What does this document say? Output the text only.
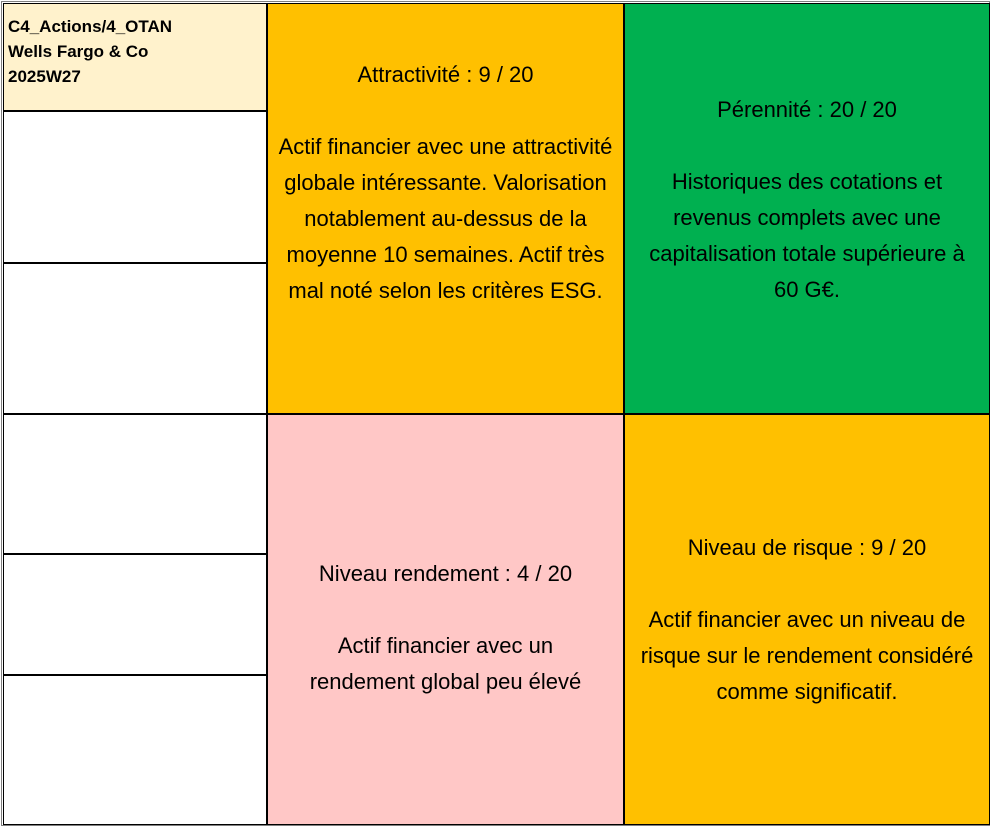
C4_Actions/4_OTAN
Wells Fargo & Co
2025W27	Attractivité : 9 / 20
Actif financier avec une attractivité globale intéressante. Valorisation notablement au-dessus de la moyenne 10 semaines. Actif très mal noté selon les critères ESG.
Pérennité : 20 / 20
Historiques des cotations et revenus complets avec une capitalisation totale supérieure à 60 G€.
Niveau rendement : 4 / 20
Actif financier avec un rendement global peu élevé
Niveau de risque : 9 / 20
Actif financier avec un niveau de risque sur le rendement considéré comme significatif.
